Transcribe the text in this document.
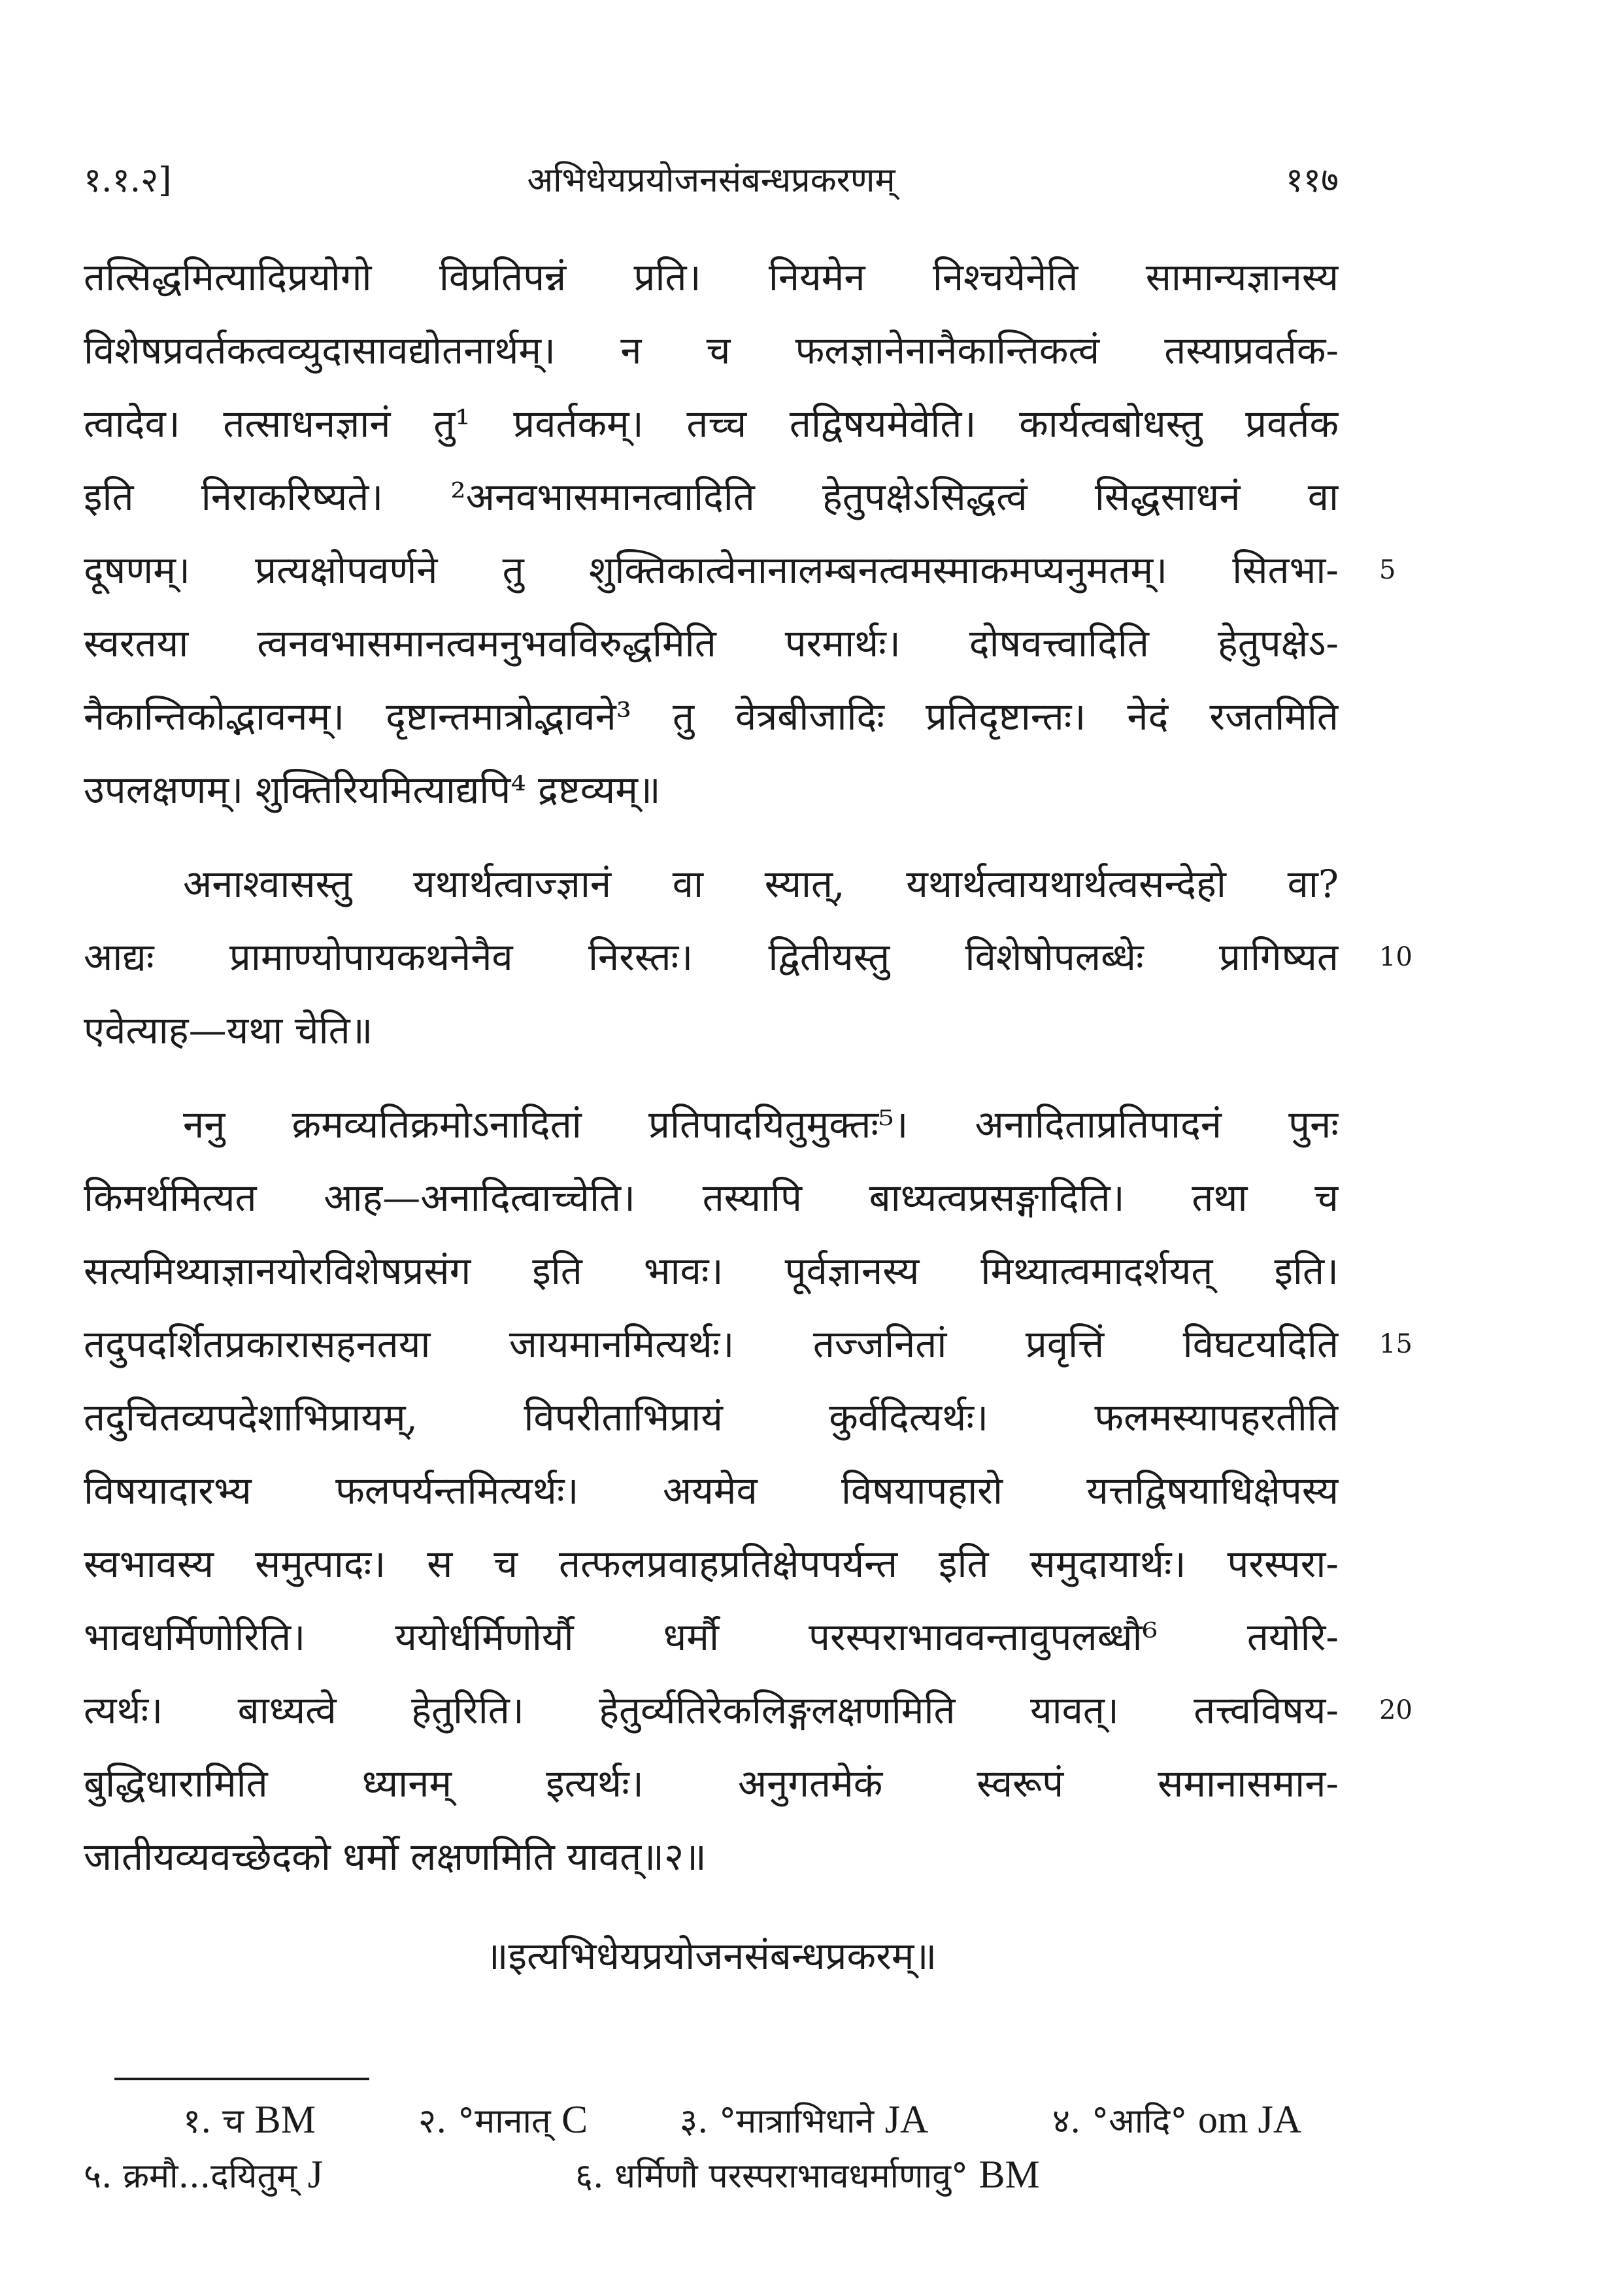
१.१.२]	अभिधेयप्रयोजनसंबन्धप्रकरणम्	११७
तत्सिद्धमित्यादिप्रयोगो विप्रतिपन्नं प्रति। नियमेन निश्चयेनेति सामान्यज्ञानस्य
विशेषप्रवर्तकत्वव्युदासावद्योतनार्थम्। न च फलज्ञानेनानैकान्तिकत्वं तस्याप्रवर्तक-
त्वादेव। तत्साधनज्ञानं तु¹ प्रवर्तकम्। तच्च तद्विषयमेवेति। कार्यत्वबोधस्तु प्रवर्तक
इति निराकरिष्यते। ²अनवभासमानत्वादिति हेतुपक्षेऽसिद्धत्वं सिद्धसाधनं वा
दूषणम्। प्रत्यक्षोपवर्णने तु शुक्तिकात्वेनानालम्बनत्वमस्माकमप्यनुमतम्। सितभा-
स्वरतया त्वनवभासमानत्वमनुभवविरुद्धमिति परमार्थः। दोषवत्त्वादिति हेतुपक्षेऽ-
नैकान्तिकोद्भावनम्। दृष्टान्तमात्रोद्भावने³ तु वेत्रबीजादिः प्रतिदृष्टान्तः। नेदं रजतमिति
उपलक्षणम्। शुक्तिरियमित्याद्यपि⁴ द्रष्टव्यम्॥
अनाश्वासस्तु यथार्थत्वाज्ज्ञानं वा स्यात्, यथार्थत्वायथार्थत्वसन्देहो वा?
आद्यः प्रामाण्योपायकथनेनैव निरस्तः। द्वितीयस्तु विशेषोपलब्धेः प्रागिष्यत
एवेत्याह—यथा चेति॥
ननु क्रमव्यतिक्रमोऽनादितां प्रतिपादयितुमुक्तः⁵। अनादिताप्रतिपादनं पुनः
किमर्थमित्यत आह—अनादित्वाच्चेति। तस्यापि बाध्यत्वप्रसङ्गादिति। तथा च
सत्यमिथ्याज्ञानयोरविशेषप्रसंग इति भावः। पूर्वज्ञानस्य मिथ्यात्वमादर्शयत् इति।
तदुपदर्शितप्रकारासहनतया जायमानमित्यर्थः। तज्जनितां प्रवृत्तिं विघटयदिति
तदुचितव्यपदेशाभिप्रायम्, विपरीताभिप्रायं कुर्वदित्यर्थः। फलमस्यापहरतीति
विषयादारभ्य फलपर्यन्तमित्यर्थः। अयमेव विषयापहारो यत्तद्विषयाधिक्षेपस्य
स्वभावस्य समुत्पादः। स च तत्फलप्रवाहप्रतिक्षेपपर्यन्त इति समुदायार्थः। परस्परा-
भावधर्मिणोरिति। ययोर्धर्मिणोर्यौ धर्मौ परस्पराभाववन्तावुपलब्धौ⁶ तयोरि-
त्यर्थः। बाध्यत्वे हेतुरिति। हेतुर्व्यतिरेकलिङ्गलक्षणमिति यावत्। तत्त्वविषय-
बुद्धिधारामिति ध्यानम् इत्यर्थः। अनुगतमेकं स्वरूपं समानासमान-
जातीयव्यवच्छेदको धर्मो लक्षणमिति यावत्॥२॥
॥इत्यभिधेयप्रयोजनसंबन्धप्रकरम्॥
5
10
15
20
१. च BM	२. °मानात् C	३. °मात्राभिधाने JA	४. °आदि° om JA
५. क्रमौ...दयितुम् J	६. धर्मिणौ परस्पराभावधर्माणावु° BM
